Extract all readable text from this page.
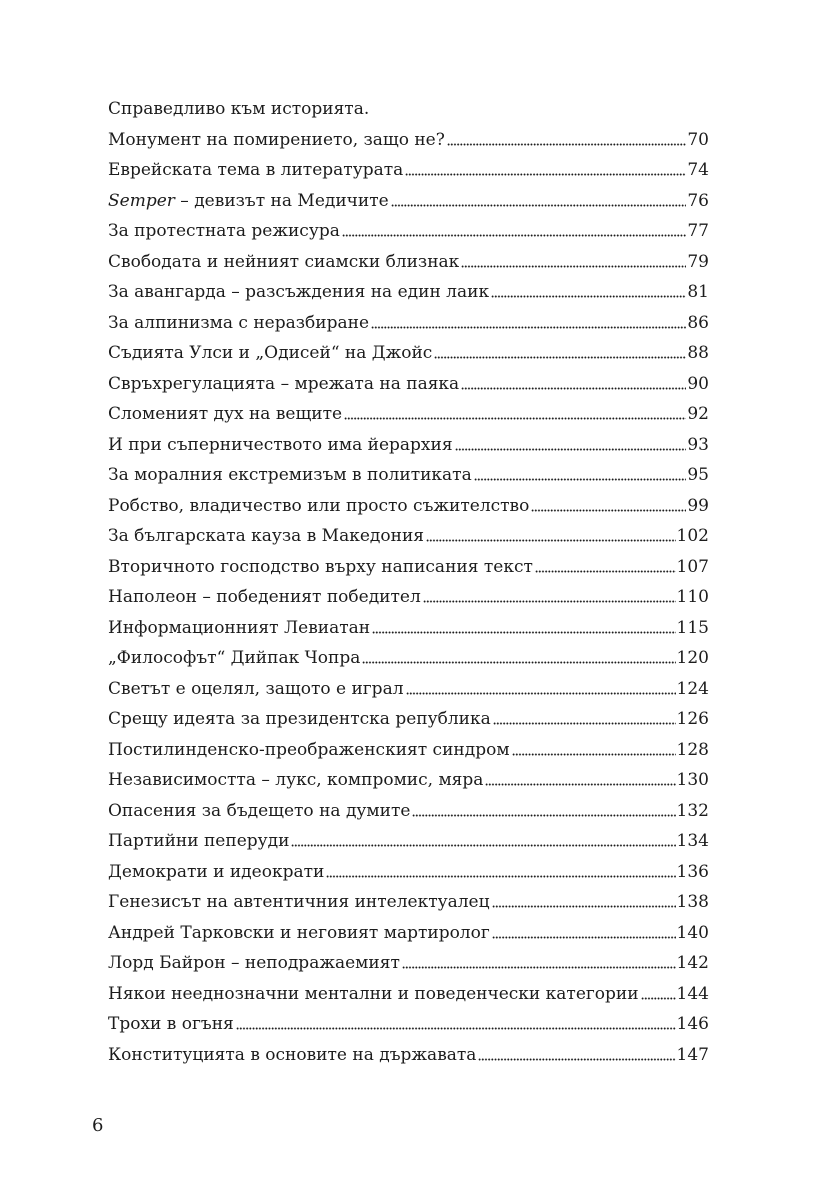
Справедливо към историята.
Монумент на помирението, защо не?	70
Еврейската тема в литературата	74
Semper – девизът на Медичите	76
За протестната режисура	77
Свободата и нейният сиамски близнак	79
За авангарда – разсъждения на един лаик	81
За алпинизма с неразбиране	86
Съдията Улси и „Одисей“ на Джойс	88
Свръхрегулацията – мрежата на паяка	90
Сломеният дух на вещите	92
И при съперничеството има йерархия	93
За моралния екстремизъм в политиката	95
Робство, владичество или просто съжителство	99
За българската кауза в Македония	102
Вторичното господство върху написания текст	107
Наполеон – победеният победител	110
Информационният Левиатан	115
„Философът“ Дийпак Чопра	120
Светът е оцелял, защото е играл	124
Срещу идеята за президентска република	126
Постилинденско-преображенският синдром	128
Независимостта – лукс, компромис, мяра	130
Опасения за бъдещето на думите	132
Партийни пеперуди	134
Демократи и идеократи	136
Генезисът на автентичния интелектуалец	138
Андрей Тарковски и неговият мартиролог	140
Лорд Байрон – неподражаемият	142
Някои нееднозначни ментални и поведенчески категории 144
Трохи в огъня	146
Конституцията в основите на държавата	147
6
